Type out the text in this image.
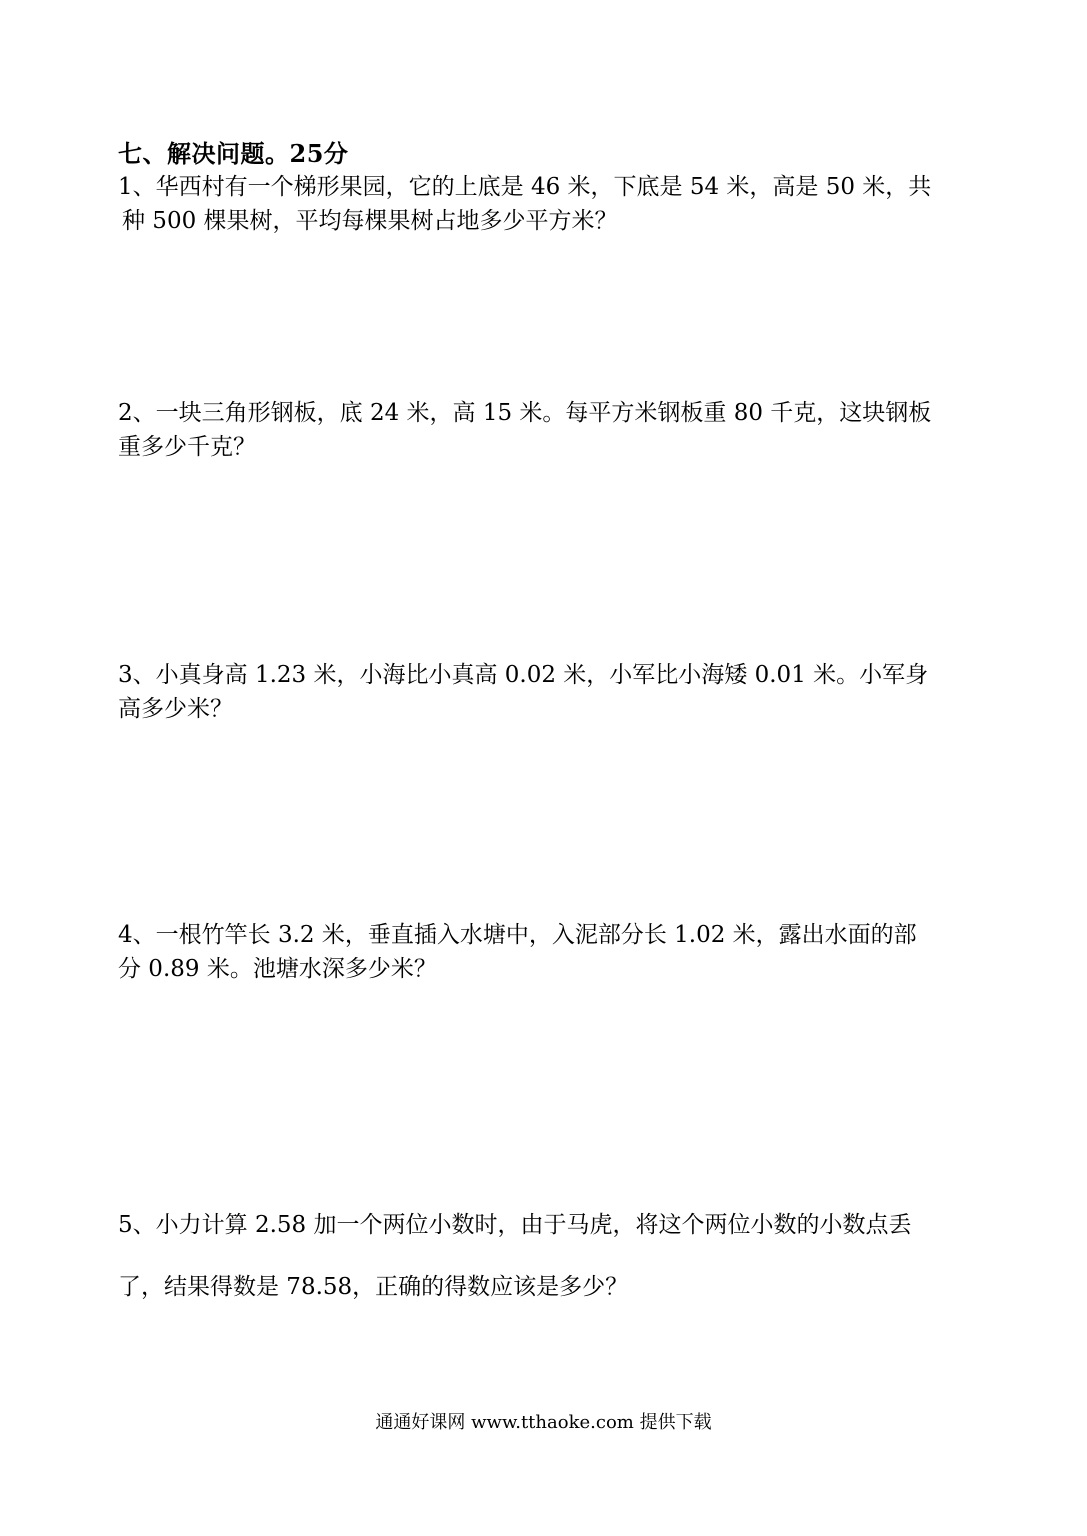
七、解决问题。25分
1、华西村有一个梯形果园，它的上底是 46 米，下底是 54 米，高是 50 米，共
种 500 棵果树，平均每棵果树占地多少平方米？
2、一块三角形钢板，底 24 米，高 15 米。每平方米钢板重 80 千克，这块钢板
重多少千克？
3、小真身高 1.23 米，小海比小真高 0.02 米，小军比小海矮 0.01 米。小军身
高多少米？
4、一根竹竿长 3.2 米，垂直插入水塘中，入泥部分长 1.02 米，露出水面的部
分 0.89 米。池塘水深多少米？
5、小力计算 2.58 加一个两位小数时，由于马虎，将这个两位小数的小数点丢
了，结果得数是 78.58，正确的得数应该是多少？
通通好课网 www.tthaoke.com 提供下载
